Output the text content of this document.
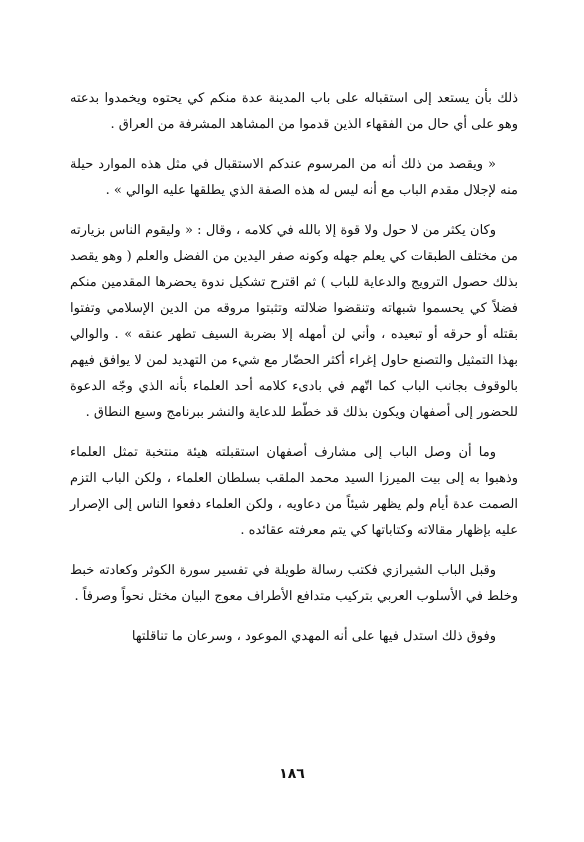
ذلك بأن يستعد إلى استقباله على باب المدينة عدة منكم كي يحتوه ويخمدوا بدعته وهو على أي حال من الفقهاء الذين قدموا من المشاهد المشرفة من العراق .

« ويقصد من ذلك أنه من المرسوم عندكم الاستقبال في مثل هذه الموارد حيلة منه لإجلال مقدم الباب مع أنه ليس له هذه الصفة الذي يطلقها عليه الوالي » .

وكان يكثر من لا حول ولا قوة إلا بالله في كلامه ، وقال : « وليقوم الناس بزيارته من مختلف الطبقات كي يعلم جهله وكونه صفر اليدين من الفضل والعلم ( وهو يقصد بذلك حصول الترويج والدعاية للباب ) ثم اقترح تشكيل ندوة يحضرها المقدمين منكم فضلاً كي يحسموا شبهاته وتنقضوا ضلالته وتثبتوا مروقه من الدين الإسلامي وتفتوا بقتله أو حرقه أو تبعيده ، وأني لن أمهله إلا بضربة السيف تطهر عنقه » . والوالي بهذا التمثيل والتصنع حاول إغراء أكثر الحضّار مع شيء من التهديد لمن لا يوافق فيهم بالوقوف بجانب الباب كما اتّهم في بادىء كلامه أحد العلماء بأنه الذي وجّه الدعوة للحضور إلى أصفهان ويكون بذلك قد خطّط للدعاية والنشر ببرنامج وسيع النطاق .

وما أن وصل الباب إلى مشارف أصفهان استقبلته هيئة منتخبة تمثل العلماء وذهبوا به إلى بيت الميرزا السيد محمد الملقب بسلطان العلماء ، ولكن الباب التزم الصمت عدة أيام ولم يظهر شيئاً من دعاويه ، ولكن العلماء دفعوا الناس إلى الإصرار عليه بإظهار مقالاته وكتاباتها كي يتم معرفته عقائده .

وقبل الباب الشيرازي فكتب رسالة طويلة في تفسير سورة الكوثر وكعادته خبط وخلط في الأسلوب العربي بتركيب متدافع الأطراف معوج البيان مختل نحواً وصرفاً .

وفوق ذلك استدل فيها على أنه المهدي الموعود ، وسرعان ما تناقلتها

١٨٦
